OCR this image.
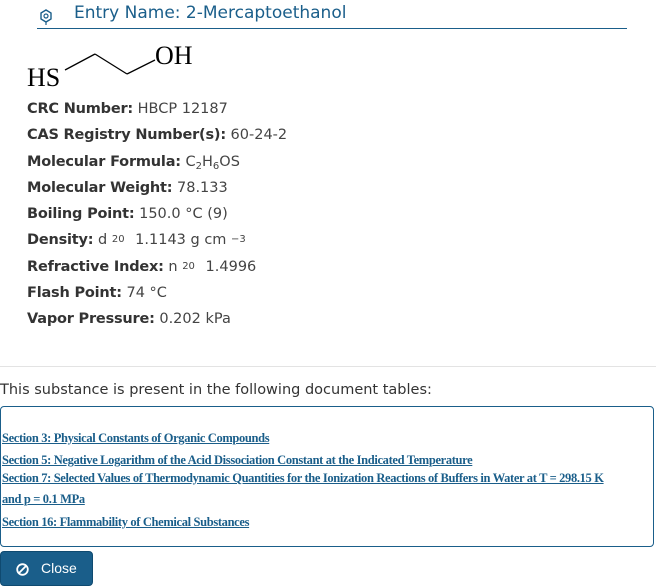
Entry Name: 2-Mercaptoethanol
HS
OH
CRC Number: HBCP 12187
CAS Registry Number(s): 60-24-2
Molecular Formula: $C_2H_6OS$
Molecular Weight: 78.133
Boiling Point: 150.0 °C (9)
Density: d $^{20}$ 1.1143 g cm $^{-3}$
Refractive Index: n $^{20}$ 1.4996
Flash Point: 74 °C
Vapor Pressure: 0.202 kPa
This substance is present in the following document tables:
Section 3: Physical Constants of Organic Compounds
Section 5: Negative Logarithm of the Acid Dissociation Constant at the Indicated Temperature
Section 7: Selected Values of Thermodynamic Quantities for the Ionization Reactions of Buffers in Water at T = 298.15 K
and p = 0.1 MPa
Section 16: Flammability of Chemical Substances
Close
